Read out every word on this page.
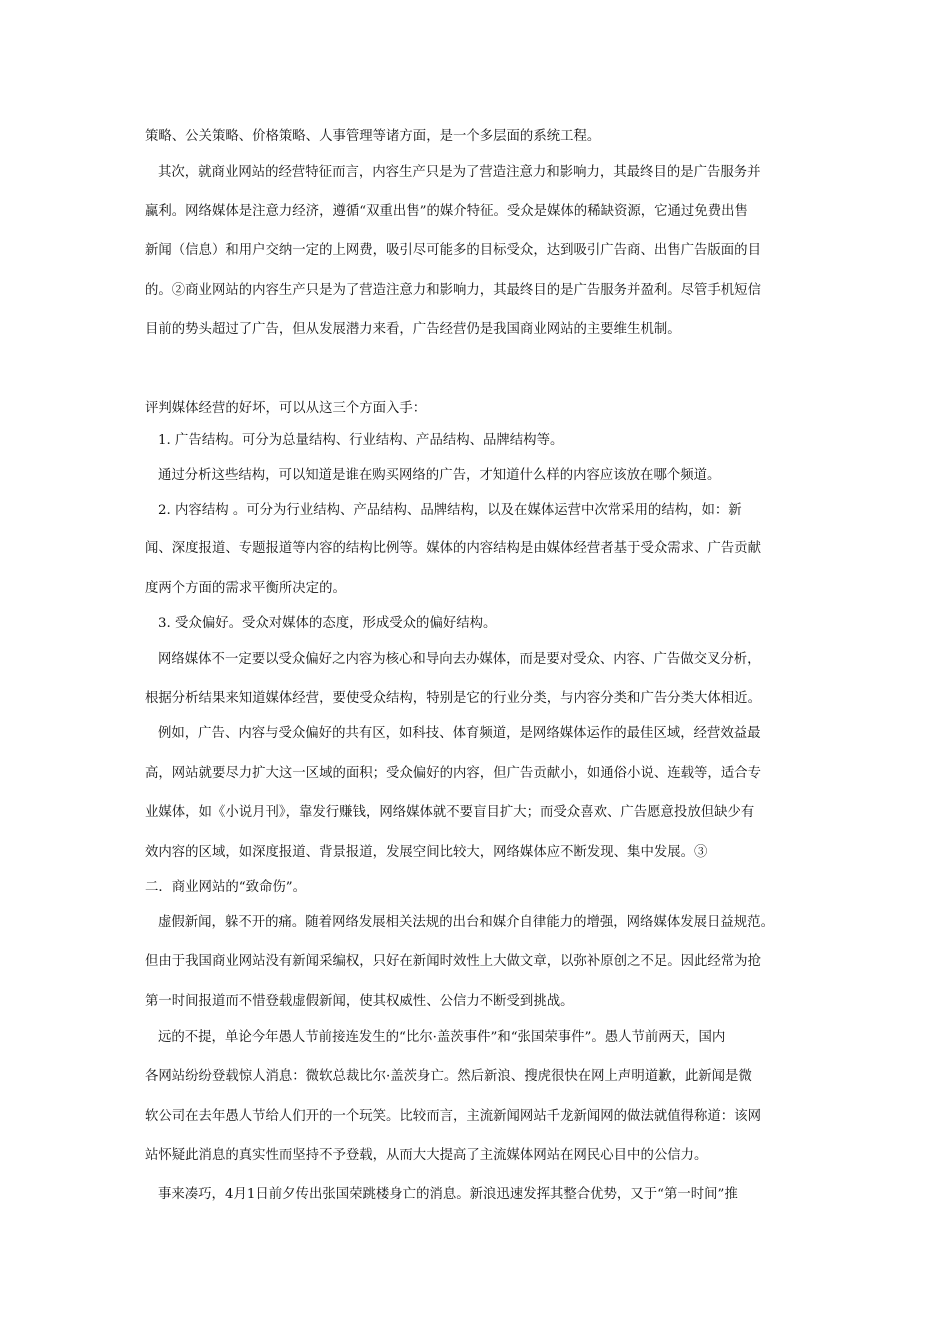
策略、公关策略、价格策略、人事管理等诸方面，是一个多层面的系统工程。
其次，就商业网站的经营特征而言，内容生产只是为了营造注意力和影响力，其最终目的是广告服务并
赢利。网络媒体是注意力经济，遵循“双重出售”的媒介特征。受众是媒体的稀缺资源，它通过免费出售
新闻（信息）和用户交纳一定的上网费，吸引尽可能多的目标受众，达到吸引广告商、出售广告版面的目
的。②商业网站的内容生产只是为了营造注意力和影响力，其最终目的是广告服务并盈利。尽管手机短信
目前的势头超过了广告，但从发展潜力来看，广告经营仍是我国商业网站的主要维生机制。
评判媒体经营的好坏，可以从这三个方面入手：
1. 广告结构。可分为总量结构、行业结构、产品结构、品牌结构等。
通过分析这些结构，可以知道是谁在购买网络的广告，才知道什么样的内容应该放在哪个频道。
2. 内容结构 。可分为行业结构、产品结构、品牌结构，以及在媒体运营中次常采用的结构，如：新
闻、深度报道、专题报道等内容的结构比例等。媒体的内容结构是由媒体经营者基于受众需求、广告贡献
度两个方面的需求平衡所决定的。
3. 受众偏好。受众对媒体的态度，形成受众的偏好结构。
网络媒体不一定要以受众偏好之内容为核心和导向去办媒体，而是要对受众、内容、广告做交叉分析，
根据分析结果来知道媒体经营，要使受众结构，特别是它的行业分类，与内容分类和广告分类大体相近。
例如，广告、内容与受众偏好的共有区，如科技、体育频道，是网络媒体运作的最佳区域，经营效益最
高，网站就要尽力扩大这一区域的面积；受众偏好的内容，但广告贡献小，如通俗小说、连载等，适合专
业媒体，如《小说月刊》，靠发行赚钱，网络媒体就不要盲目扩大；而受众喜欢、广告愿意投放但缺少有
效内容的区域，如深度报道、背景报道，发展空间比较大，网络媒体应不断发现、集中发展。③
二．商业网站的“致命伤”。
虚假新闻，躲不开的痛。随着网络发展相关法规的出台和媒介自律能力的增强，网络媒体发展日益规范。
但由于我国商业网站没有新闻采编权，只好在新闻时效性上大做文章，以弥补原创之不足。因此经常为抢
第一时间报道而不惜登载虚假新闻，使其权威性、公信力不断受到挑战。
远的不提，单论今年愚人节前接连发生的“比尔·盖茨事件”和“张国荣事件”。愚人节前两天，国内
各网站纷纷登载惊人消息：微软总裁比尔·盖茨身亡。然后新浪、搜虎很快在网上声明道歉，此新闻是微
软公司在去年愚人节给人们开的一个玩笑。比较而言，主流新闻网站千龙新闻网的做法就值得称道：该网
站怀疑此消息的真实性而坚持不予登载，从而大大提高了主流媒体网站在网民心目中的公信力。
事来凑巧，4月1日前夕传出张国荣跳楼身亡的消息。新浪迅速发挥其整合优势，又于“第一时间”推
